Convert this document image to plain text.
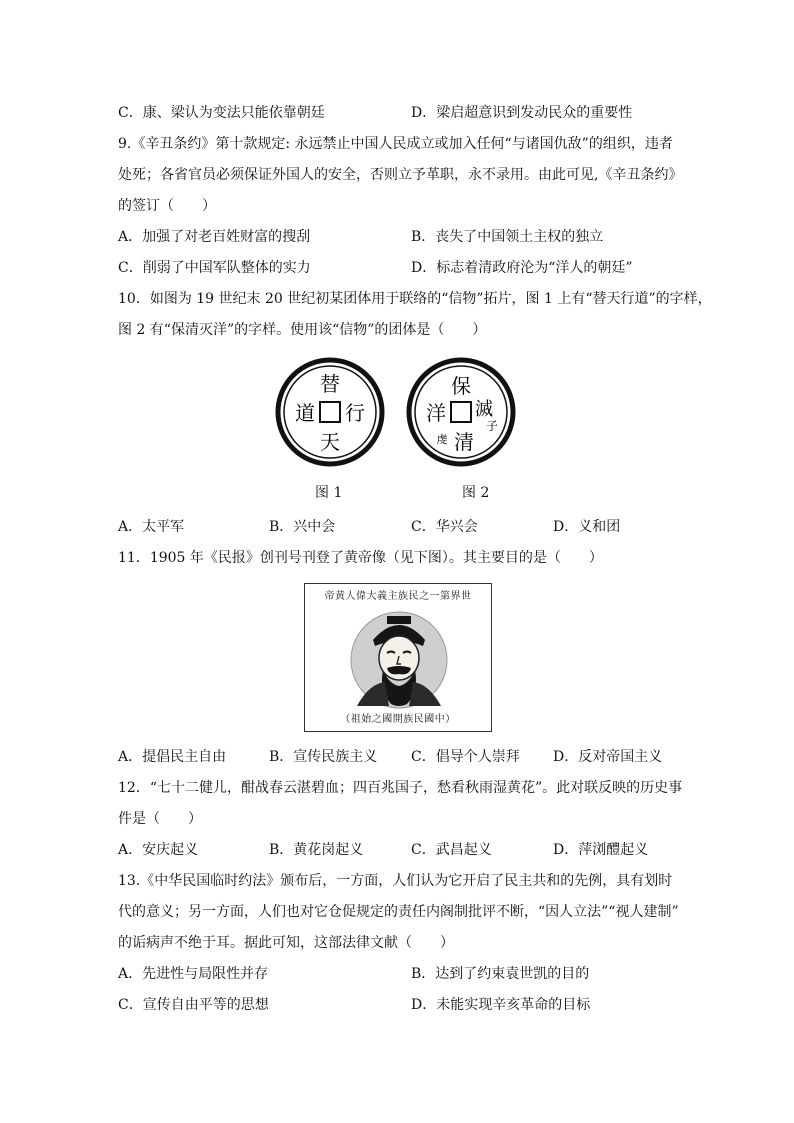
C．康、梁认为变法只能依靠朝廷	D．梁启超意识到发动民众的重要性
9.《辛丑条约》第十款规定: 永远禁止中国人民成立或加入任何“与诸国仇敌”的组织，违者
处死；各省官员必须保证外国人的安全，否则立予革职，永不录用。由此可见,《辛丑条约》
的签订（　　）
A．加强了对老百姓财富的搜刮	B．丧失了中国领土主权的独立
C．削弱了中国军队整体的实力	D．标志着清政府沦为“洋人的朝廷”
10．如图为 19 世纪末 20 世纪初某团体用于联络的“信物”拓片，图 1 上有“替天行道”的字样，
图 2 有“保清灭洋”的字样。使用该“信物”的团体是（　　）
替
道 行
天
保
洋 滅
子
清
虔
图 1	图 2
A．太平军	B．兴中会	C．华兴会	D．义和团
11．1905 年《民报》创刊号刊登了黄帝像（见下图）。其主要目的是（　　）
帝黄人偉大義主族民之一第界世
（祖始之國開族民國中）
A．提倡民主自由	B．宣传民族主义 C．倡导个人崇拜 D．反对帝国主义
12．“七十二健儿，酣战春云湛碧血；四百兆国子，愁看秋雨湿黄花”。此对联反映的历史事
件是（　　）
A．安庆起义	B．黄花岗起义	C．武昌起义	D．萍浏醴起义
13.《中华民国临时约法》颁布后，一方面，人们认为它开启了民主共和的先例，具有划时
代的意义；另一方面，人们也对它仓促规定的责任内阁制批评不断，“因人立法”“视人建制”
的诟病声不绝于耳。据此可知，这部法律文献（　　）
A．先进性与局限性并存	B．达到了约束袁世凯的目的
C．宣传自由平等的思想	D．未能实现辛亥革命的目标
